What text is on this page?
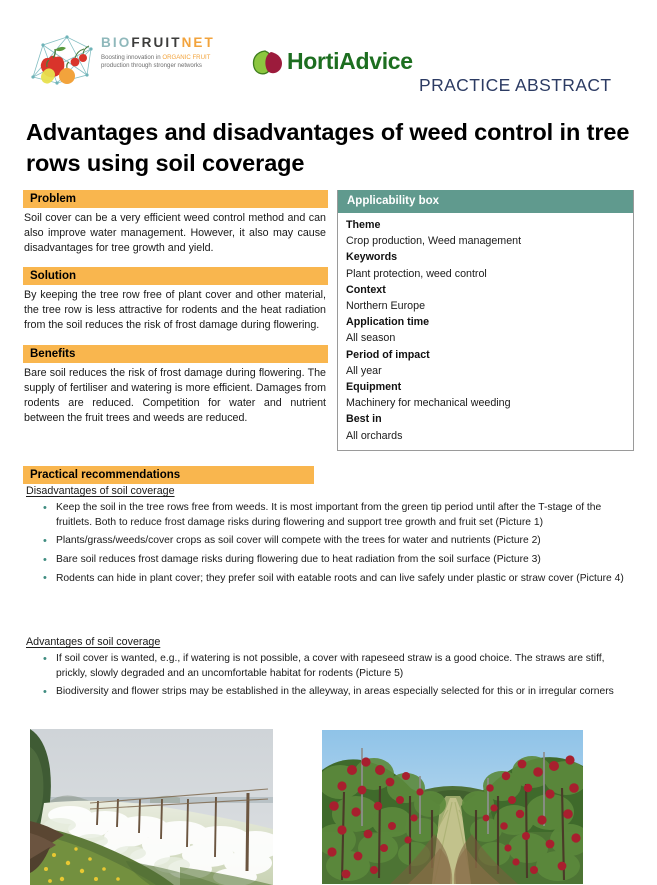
BIOFRUITNET
Boosting innovation in ORGANIC FRUIT
production through stronger networks	HortiAdvice
PRACTICE ABSTRACT
Advantages and disadvantages of weed control in tree rows using soil coverage
Problem
Soil cover can be a very efficient weed control method and can also improve water management. However, it also may cause disadvantages for tree growth and yield.
Solution
By keeping the tree row free of plant cover and other material, the tree row is less attractive for rodents and the heat radiation from the soil reduces the risk of frost damage during flowering.
Benefits
Bare soil reduces the risk of frost damage during flowering. The supply of fertiliser and watering is more efficient. Damages from rodents are reduced. Competition for water and nutrient between the fruit trees and weeds are reduced.
Applicability box
Theme
Crop production, Weed management
Keywords
Plant protection, weed control
Context
Northern Europe
Application time
All season
Period of impact
All year
Equipment
Machinery for mechanical weeding
Best in
All orchards
Practical recommendations
Disadvantages of soil coverage
• Keep the soil in the tree rows free from weeds. It is most important from the green tip period until after the T-stage of the fruitlets. Both to reduce frost damage risks during flowering and support tree growth and fruit set (Picture 1)
• Plants/grass/weeds/cover crops as soil cover will compete with the trees for water and nutrients (Picture 2)
• Bare soil reduces frost damage risks during flowering due to heat radiation from the soil surface (Picture 3)
• Rodents can hide in plant cover; they prefer soil with eatable roots and can live safely under plastic or straw cover (Picture 4)
Advantages of soil coverage
• If soil cover is wanted, e.g., if watering is not possible, a cover with rapeseed straw is a good choice. The straws are stiff, prickly, slowly degraded and an uncomfortable habitat for rodents (Picture 5)
• Biodiversity and flower strips may be established in the alleyway, in areas especially selected for this or in irregular corners
